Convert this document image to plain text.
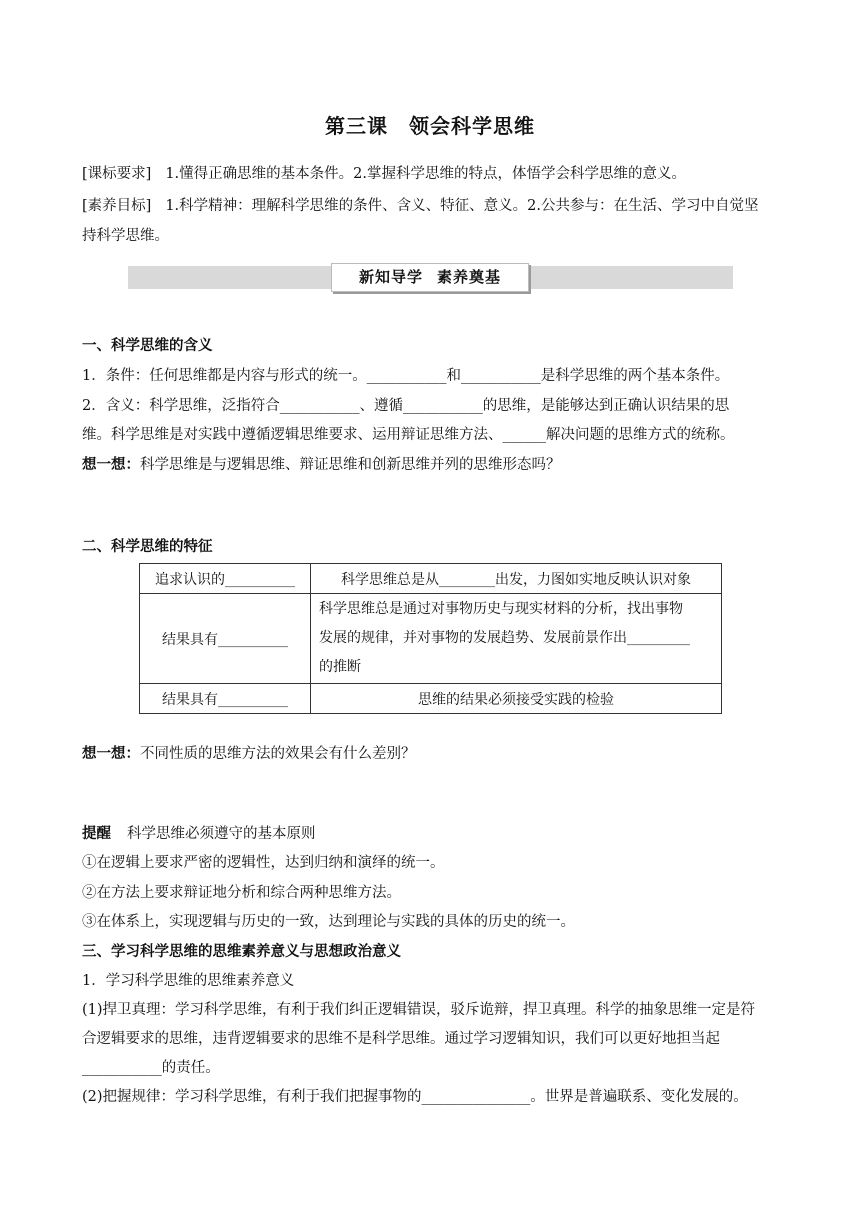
第三课　领会科学思维
[课标要求] 1.懂得正确思维的基本条件。2.掌握科学思维的特点，体悟学会科学思维的意义。
[素养目标] 1.科学精神：理解科学思维的条件、含义、特征、意义。2.公共参与：在生活、学习中自觉坚
持科学思维。
新知导学 素养奠基
一、科学思维的含义
1．条件：任何思维都是内容与形式的统一。___________和___________是科学思维的两个基本条件。
2．含义：科学思维，泛指符合___________、遵循___________的思维，是能够达到正确认识结果的思
维。科学思维是对实践中遵循逻辑思维要求、运用辩证思维方法、______解决问题的思维方式的统称。
想一想：科学思维是与逻辑思维、辩证思维和创新思维并列的思维形态吗？
二、科学思维的特征
追求认识的__________	科学思维总是从________出发，力图如实地反映认识对象
结果具有__________	科学思维总是通过对事物历史与现实材料的分析，找出事物
发展的规律，并对事物的发展趋势、发展前景作出_________
的推断

结果具有__________	思维的结果必须接受实践的检验
想一想：不同性质的思维方法的效果会有什么差别？
提醒 科学思维必须遵守的基本原则
①在逻辑上要求严密的逻辑性，达到归纳和演绎的统一。
②在方法上要求辩证地分析和综合两种思维方法。
③在体系上，实现逻辑与历史的一致，达到理论与实践的具体的历史的统一。
三、学习科学思维的思维素养意义与思想政治意义
1．学习科学思维的思维素养意义
(1)捍卫真理：学习科学思维，有利于我们纠正逻辑错误，驳斥诡辩，捍卫真理。科学的抽象思维一定是符
合逻辑要求的思维，违背逻辑要求的思维不是科学思维。通过学习逻辑知识，我们可以更好地担当起
___________的责任。
(2)把握规律：学习科学思维，有利于我们把握事物的_______________。世界是普遍联系、变化发展的。
